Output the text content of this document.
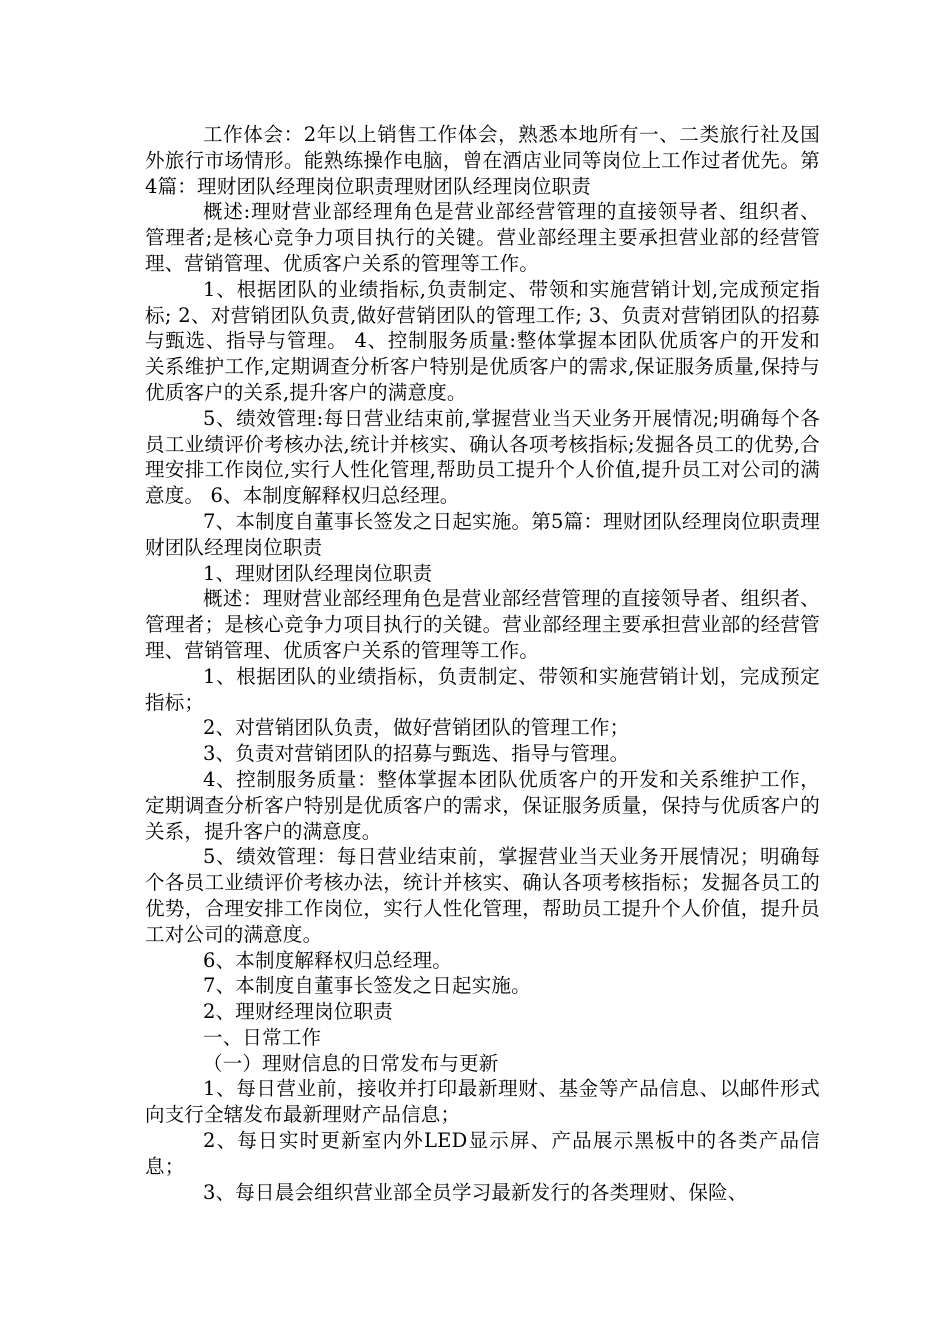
工作体会：2年以上销售工作体会，熟悉本地所有一、二类旅行社及国外旅行市场情形。能熟练操作电脑，曾在酒店业同等岗位上工作过者优先。第4篇：理财团队经理岗位职责理财团队经理岗位职责

概述:理财营业部经理角色是营业部经营管理的直接领导者、组织者、管理者;是核心竞争力项目执行的关键。营业部经理主要承担营业部的经营管理、营销管理、优质客户关系的管理等工作。

1、根据团队的业绩指标,负责制定、带领和实施营销计划,完成预定指标; 2、对营销团队负责,做好营销团队的管理工作; 3、负责对营销团队的招募与甄选、指导与管理。 4、控制服务质量:整体掌握本团队优质客户的开发和关系维护工作,定期调查分析客户特别是优质客户的需求,保证服务质量,保持与优质客户的关系,提升客户的满意度。

5、绩效管理:每日营业结束前,掌握营业当天业务开展情况;明确每个各员工业绩评价考核办法,统计并核实、确认各项考核指标;发掘各员工的优势,合理安排工作岗位,实行人性化管理,帮助员工提升个人价值,提升员工对公司的满意度。 6、本制度解释权归总经理。

7、本制度自董事长签发之日起实施。第5篇：理财团队经理岗位职责理财团队经理岗位职责

1、理财团队经理岗位职责

概述：理财营业部经理角色是营业部经营管理的直接领导者、组织者、管理者；是核心竞争力项目执行的关键。营业部经理主要承担营业部的经营管理、营销管理、优质客户关系的管理等工作。

1、根据团队的业绩指标，负责制定、带领和实施营销计划，完成预定指标；

2、对营销团队负责，做好营销团队的管理工作；

3、负责对营销团队的招募与甄选、指导与管理。

4、控制服务质量：整体掌握本团队优质客户的开发和关系维护工作，定期调查分析客户特别是优质客户的需求，保证服务质量，保持与优质客户的关系，提升客户的满意度。

5、绩效管理：每日营业结束前，掌握营业当天业务开展情况；明确每个各员工业绩评价考核办法，统计并核实、确认各项考核指标；发掘各员工的优势，合理安排工作岗位，实行人性化管理，帮助员工提升个人价值，提升员工对公司的满意度。

6、本制度解释权归总经理。

7、本制度自董事长签发之日起实施。

2、理财经理岗位职责

一、日常工作

（一）理财信息的日常发布与更新

1、每日营业前，接收并打印最新理财、基金等产品信息、以邮件形式向支行全辖发布最新理财产品信息；

2、每日实时更新室内外LED显示屏、产品展示黑板中的各类产品信息；

3、每日晨会组织营业部全员学习最新发行的各类理财、保险、
